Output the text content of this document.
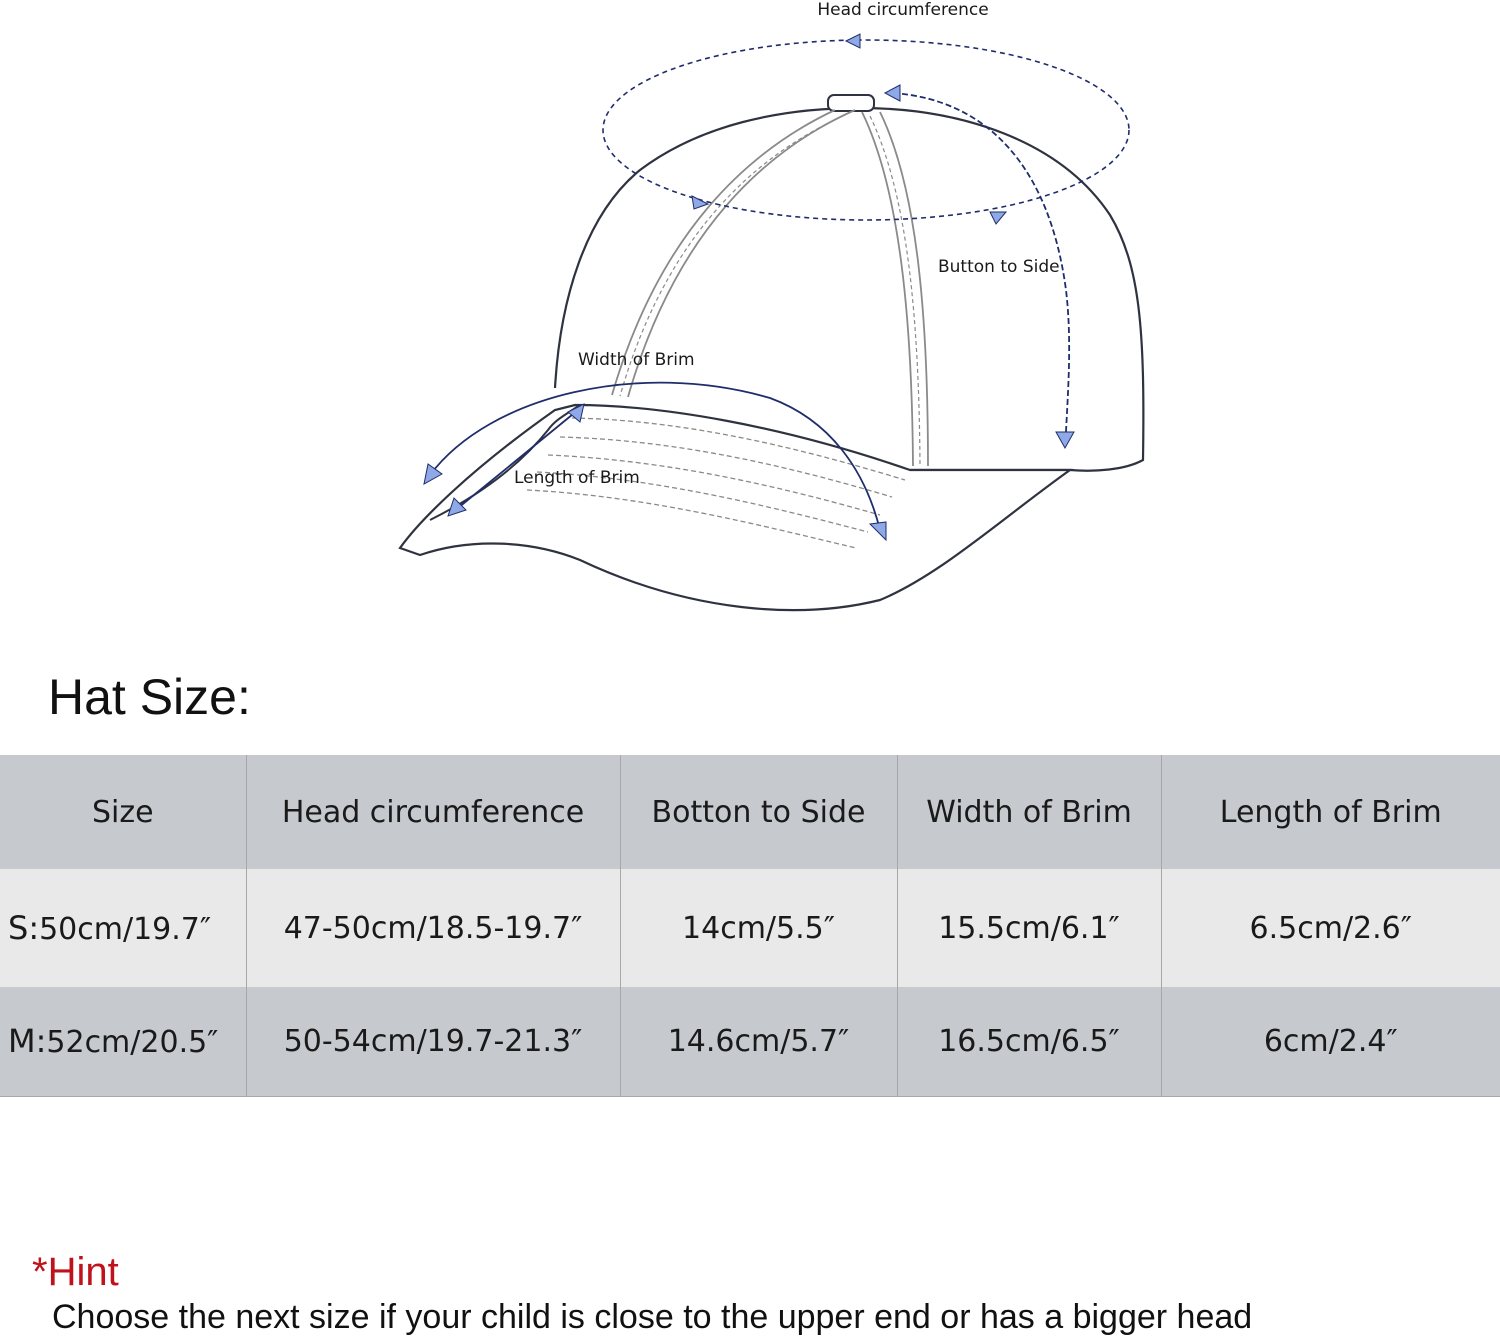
Head circumference
Button to Side
Width of Brim
Length of Brim
Hat Size:
Size	Head circumference	Botton to Side	Width of Brim	Length of Brim
S:50cm/19.7″	47-50cm/18.5-19.7″	14cm/5.5″	15.5cm/6.1″	6.5cm/2.6″
M:52cm/20.5″	50-54cm/19.7-21.3″	14.6cm/5.7″	16.5cm/6.5″	6cm/2.4″
*Hint
Choose the next size if your child is close to the upper end or has a bigger head
